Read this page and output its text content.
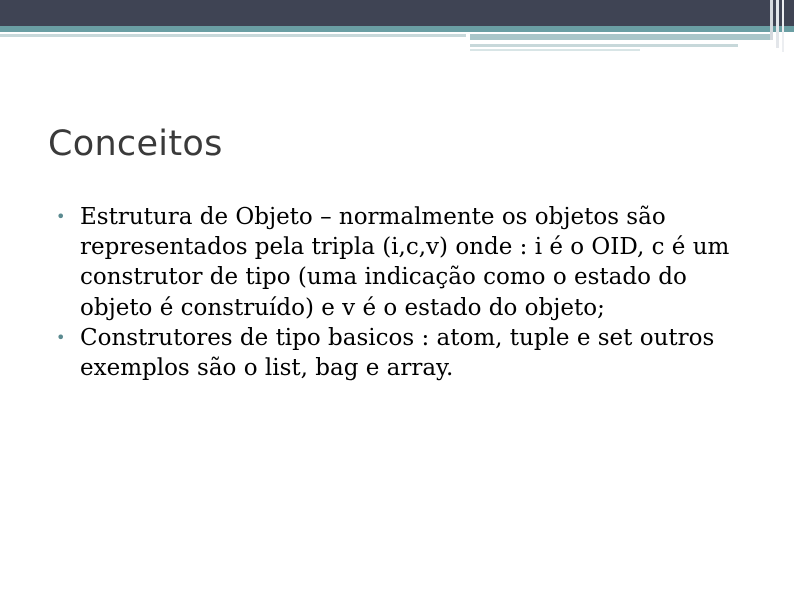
Conceitos

• Estrutura de Objeto – normalmente os objetos são representados pela tripla (i,c,v) onde : i é o OID, c é um construtor de tipo (uma indicação como o estado do objeto é construído) e v é o estado do objeto;

• Construtores de tipo basicos : atom, tuple e set outros exemplos são o list, bag e array.
